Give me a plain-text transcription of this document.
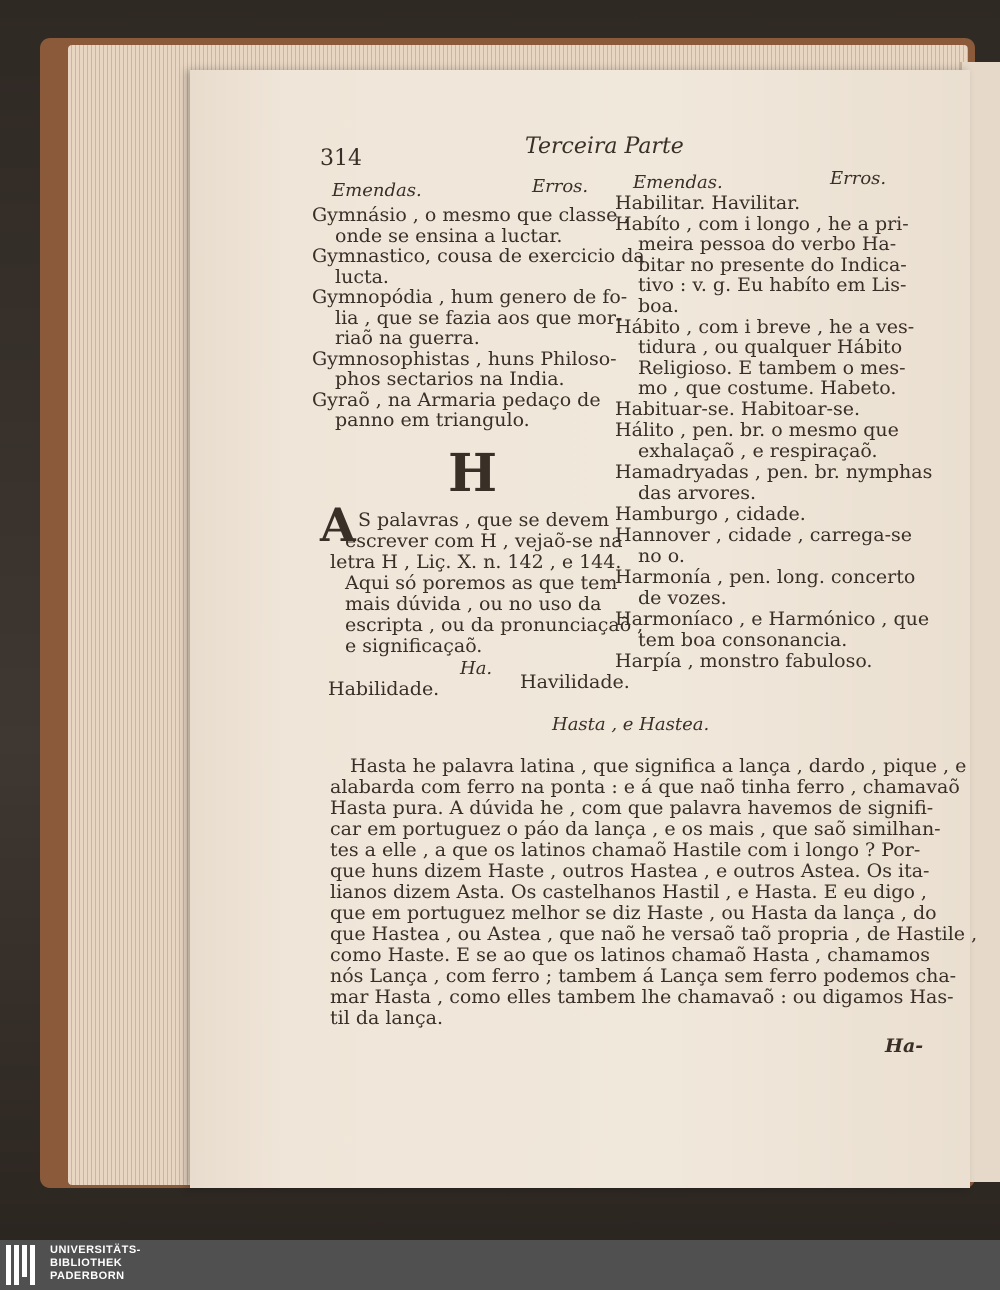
314	Terceira Parte
Emendas.	Erros.
Gymnásio , o mesmo que classe ,
onde se ensina a luctar.
Gymnastico, cousa de exercicio da
lucta.
Gymnopódia , hum genero de fo-
lia , que se fazia aos que mor-
riaõ na guerra.
Gymnosophistas , huns Philoso-
phos sectarios na India.
Gyraõ , na Armaria pedaço de
panno em triangulo.
H
A S palavras , que se devem
escrever com H , vejaõ-se na
letra H , Liç. X. n. 142 , e 144.
Aqui só poremos as que tem
mais dúvida , ou no uso da
escripta , ou da pronunciaçaõ ,
e significaçaõ.
Ha.
Habilidade.	Havilidade.
Emendas.	Erros.
Habilitar. Havilitar.
Habíto , com i longo , he a pri-
meira pessoa do verbo Ha-
bitar no presente do Indica-
tivo : v. g. Eu habíto em Lis-
boa.
Hábito , com i breve , he a ves-
tidura , ou qualquer Hábito
Religioso. E tambem o mes-
mo , que costume. Habeto.
Habituar-se. Habitoar-se.
Hálito , pen. br. o mesmo que
exhalaçaõ , e respiraçaõ.
Hamadryadas , pen. br. nymphas
das arvores.
Hamburgo , cidade.
Hannover , cidade , carrega-se
no o.
Harmonía , pen. long. concerto
de vozes.
Harmoníaco , e Harmónico , que
tem boa consonancia.
Harpía , monstro fabuloso.
Hasta , e Hastea.
Hasta he palavra latina , que significa a lança , dardo , pique , e
alabarda com ferro na ponta : e á que naõ tinha ferro , chamavaõ
Hasta pura. A dúvida he , com que palavra havemos de signifi-
car em portuguez o páo da lança , e os mais , que saõ similhan-
tes a elle , a que os latinos chamaõ Hastile com i longo ? Por-
que huns dizem Haste , outros Hastea , e outros Astea. Os ita-
lianos dizem Asta. Os castelhanos Hastil , e Hasta. E eu digo ,
que em portuguez melhor se diz Haste , ou Hasta da lança , do
que Hastea , ou Astea , que naõ he versaõ taõ propria , de Hastile ,
como Haste. E se ao que os latinos chamaõ Hasta , chamamos
nós Lança , com ferro ; tambem á Lança sem ferro podemos cha-
mar Hasta , como elles tambem lhe chamavaõ : ou digamos Has-
til da lança.
Ha-
UNIVERSITÄTS-
BIBLIOTHEK
PADERBORN
